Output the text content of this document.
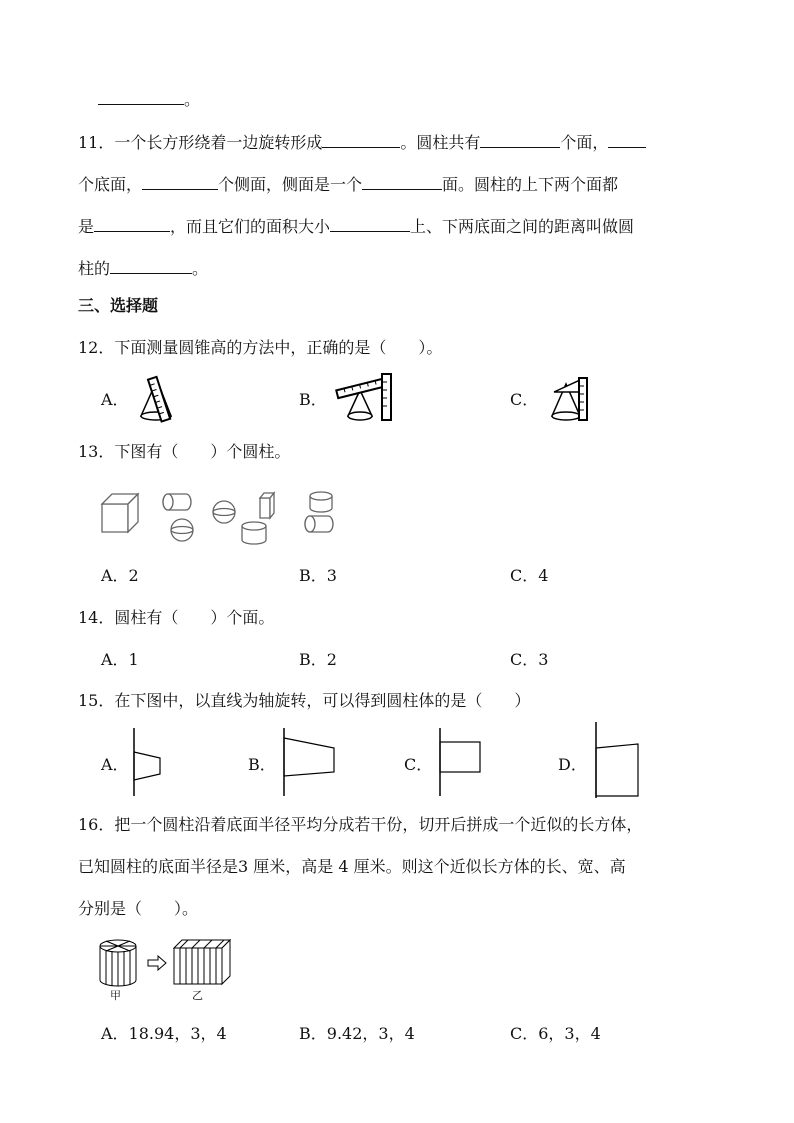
。
11．一个长方形绕着一边旋转形成	。圆柱共有	个面，
个底面，	个侧面，侧面是一个	面。圆柱的上下两个面都
是	，而且它们的面积大小	上、下两底面之间的距离叫做圆
柱的	。
三、选择题
12．下面测量圆锥高的方法中，正确的是（　　）。
A．	B．	C．
13．下图有（　　）个圆柱。
A．2	B．3	C．4
14．圆柱有（　　）个面。
A．1	B．2	C．3
15．在下图中，以直线为轴旋转，可以得到圆柱体的是（　　）
A．	B．	C．	D．
16．把一个圆柱沿着底面半径平均分成若干份，切开后拼成一个近似的长方体，
已知圆柱的底面半径是3 厘米，高是 4 厘米。则这个近似长方体的长、宽、高
分别是（　　）。
甲	乙
A．18.94，3，4	B．9.42，3，4	C．6，3，4
